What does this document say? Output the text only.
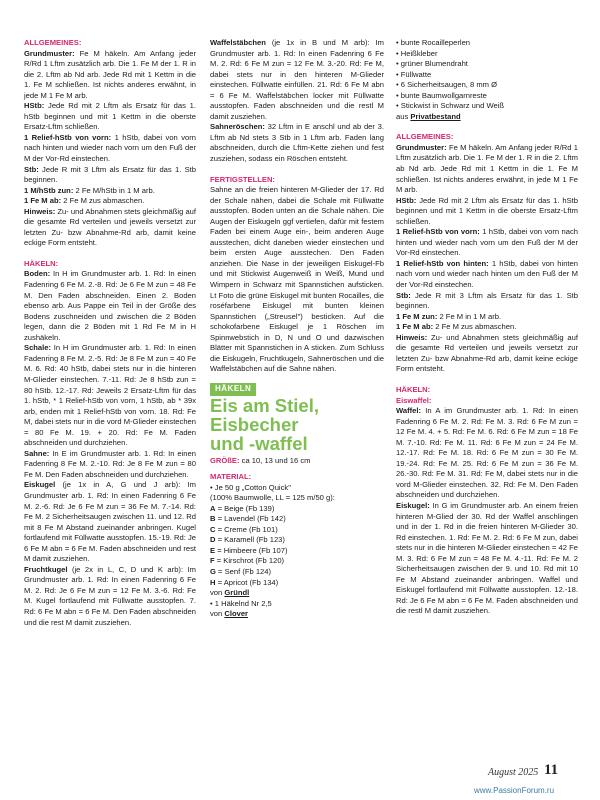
ALLGEMEINES:
Grundmuster: Fe M häkeln. Am Anfang jeder R/Rd 1 Lftm zusätzlich arb. Die 1. Fe M der 1. R in die 2. Lftm ab Nd arb. Jede Rd mit 1 Kettm in die 1. Fe M schließen. Ist nichts anderes erwähnt, in jede M 1 Fe M arb.
HStb: Jede Rd mit 2 Lftm als Ersatz für das 1. hStb beginnen und mit 1 Kettm in die oberste Ersatz-Lftm schließen.
1 Relief-hStb von vorn: 1 hStb, dabei von vorn nach hinten und wieder nach vorn um den Fuß der M der Vor-Rd einstechen.
Stb: Jede R mit 3 Lftm als Ersatz für das 1. Stb beginnen.
1 M/hStb zun: 2 Fe M/hStb in 1 M arb.
1 Fe M ab: 2 Fe M zus abmaschen.
Hinweis: Zu- und Abnahmen stets gleichmäßig auf die gesamte Rd verteilen und jeweils versetzt zur letzten Zu- bzw Abnahme-Rd arb, damit keine eckige Form entsteht.
HÄKELN:
Boden: In H im Grundmuster arb. 1. Rd: In einen Fadenring 6 Fe M. 2.-8. Rd: Je 6 Fe M zun = 48 Fe M. Den Faden abschneiden. Einen 2. Boden ebenso arb. Aus Pappe ein Teil in der Größe des Bodens zuschneiden und zwischen die 2 Böden legen, dann die 2 Böden mit 1 Rd Fe M in H zushäkeln.
Schale: In H im Grundmuster arb. 1. Rd: In einen Fadenring 8 Fe M. 2.-5. Rd: Je 8 Fe M zun = 40 Fe M. 6. Rd: 40 hStb, dabei stets nur in die hinteren M-Glieder einstechen. 7.-11. Rd: Je 8 hStb zun = 80 hStb. 12.-17. Rd: Jeweils 2 Ersatz-Lftm für das 1. hStb, * 1 Relief-hStb von vorn, 1 hStb, ab * 39x arb, enden mit 1 Relief-hStb von vorn. 18. Rd: Fe M, dabei stets nur in die vord M-Glieder einstechen = 80 Fe M. 19. + 20. Rd: Fe M. Faden abschneiden und durchziehen.
Sahne: In E im Grundmuster arb. 1. Rd: In einen Fadenring 8 Fe M. 2.-10. Rd: Je 8 Fe M zun = 80 Fe M. Den Faden abschneiden und durchziehen.
Eiskugel (je 1x in A, G und J arb): Im Grundmuster arb. 1. Rd: In einen Fadenring 6 Fe M. 2.-6. Rd: Je 6 Fe M zun = 36 Fe M. 7.-14. Rd: Fe M. 2 Sicherheitsaugen zwischen 11. und 12. Rd mit 8 Fe M Abstand zueinander anbringen. Kugel fortlaufend mit Füllwatte ausstopfen. 15.-19. Rd: Je 6 Fe M abn = 6 Fe M. Faden abschneiden und rest M damit zusziehen.
Fruchtkugel (je 2x in L, C, D und K arb): Im Grundmuster arb. 1. Rd: In einen Fadenring 6 Fe M. 2. Rd: Je 6 Fe M zun = 12 Fe M. 3.-6. Rd: Fe M. Kugel fortlaufend mit Füllwatte ausstopfen. 7. Rd: 6 Fe M abn = 6 Fe M. Den Faden abschneiden und die rest M damit zusziehen.
Waffelstäbchen (je 1x in B und M arb): Im Grundmuster arb. 1. Rd: In einen Fadenring 6 Fe M. 2. Rd: 6 Fe M zun = 12 Fe M. 3.-20. Rd: Fe M, dabei stets nur in den hinteren M-Glieder einstechen. Füllwatte einfüllen. 21. Rd: 6 Fe M abn = 6 Fe M. Waffelstäbchen locker mit Füllwatte ausstopfen. Faden abschneiden und die restl M damit zusziehen.
Sahneröschen: 32 Lftm in E anschl und ab der 3. Lftm ab Nd stets 3 Stb in 1 Lftm arb. Faden lang abschneiden, durch die Lftm-Kette ziehen und fest zusziehen, sodass ein Röschen entsteht.
FERTIGSTELLEN:
Sahne an die freien hinteren M-Glieder der 17. Rd der Schale nähen, dabei die Schale mit Füllwatte ausstopfen. Boden unten an die Schale nähen. Die Augen der Eiskugeln ggf vertiefen, dafür mit festem Faden bei einem Auge ein-, beim anderen Auge ausstechen, dicht daneben wieder einstechen und beim ersten Auge ausstechen. Den Faden anziehen. Die Nase in der jeweiligen Eiskugel-Fb und mit Stickwist Augenweiß in Weiß, Mund und Wimpern in Schwarz mit Spannstichen aufsticken. Lt Foto die grüne Eiskugel mit bunten Rocailles, die roséfarbene Eiskugel mit bunten kleinen Spannstichen („Streusel") besticken. Auf die schokofarbene Eiskugel je 1 Röschen im Spinnwebstich in D, N und O und dazwischen Blätter mit Spannstichen in A sticken. Zum Schluss die Eiskugeln, Fruchtkugeln, Sahneröschen und die Waffelstäbchen auf die Sahne nähen.
HÄKELN
Eis am Stiel, Eisbecher
und -waffel
GRÖßE: ca 10, 13 und 16 cm
MATERIAL:
• Je 50 g „Cotton Quick"
(100% Baumwolle, LL = 125 m/50 g):
A = Beige (Fb 139)
B = Lavendel (Fb 142)
C = Creme (Fb 101)
D = Karamell (Fb 123)
E = Himbeere (Fb 107)
F = Kirschrot (Fb 120)
G = Senf (Fb 124)
H = Apricot (Fb 134)
von Gründl
• 1 Häkelnd Nr 2,5
von Clover
• bunte Rocailleperlen
• Heißkleber
• grüner Blumendraht
• Füllwatte
• 6 Sicherheitsaugen, 8 mm Ø
• bunte Baumwollgarnreste
• Stickwist in Schwarz und Weiß
aus Privatbestand
ALLGEMEINES:
Grundmuster: Fe M häkeln. Am Anfang jeder R/Rd 1 Lftm zusätzlich arb. Die 1. Fe M der 1. R in die 2. Lftm ab Nd arb. Jede Rd mit 1 Kettm in die 1. Fe M schließen. Ist nichts anderes erwähnt, in jede M 1 Fe M arb.
HStb: Jede Rd mit 2 Lftm als Ersatz für das 1. hStb beginnen und mit 1 Kettm in die oberste Ersatz-Lftm schließen.
1 Relief-hStb von vorn: 1 hStb, dabei von vorn nach hinten und wieder nach vorn um den Fuß der M der Vor-Rd einstechen.
1 Relief-hStb von hinten: 1 hStb, dabei von hinten nach vorn und wieder nach hinten um den Fuß der M der Vor-Rd einstechen.
Stb: Jede R mit 3 Lftm als Ersatz für das 1. Stb beginnen.
1 Fe M zun: 2 Fe M in 1 M arb.
1 Fe M ab: 2 Fe M zus abmaschen.
Hinweis: Zu- und Abnahmen stets gleichmäßig auf die gesamte Rd verteilen und jeweils versetzt zur letzten Zu- bzw Abnahme-Rd arb, damit keine eckige Form entsteht.
HÄKELN:
Eiswaffel:
Waffel: In A im Grundmuster arb. 1. Rd: In einen Fadenring 6 Fe M. 2. Rd: Fe M. 3. Rd: 6 Fe M zun = 12 Fe M. 4. + 5. Rd: Fe M. 6. Rd: 6 Fe M zun = 18 Fe M. 7.-10. Rd: Fe M. 11. Rd: 6 Fe M zun = 24 Fe M. 12.-17. Rd: Fe M. 18. Rd: 6 Fe M zun = 30 Fe M. 19.-24. Rd: Fe M. 25. Rd: 6 Fe M zun = 36 Fe M. 26.-30. Rd: Fe M. 31. Rd: Fe M, dabei stets nur in die vord M-Glieder einstechen. 32. Rd: Fe M. Den Faden abschneiden und durchziehen.
Eiskugel: In G im Grundmuster arb. An einem freien hinteren M-Glied der 30. Rd der Waffel anschlingen und in der 1. Rd in die freien hinteren M-Glieder 30. Rd einstechen. 1. Rd: Fe M. 2. Rd: 6 Fe M zun, dabei stets nur in die hinteren M-Glieder einstechen = 42 Fe M. 3. Rd: 6 Fe M zun = 48 Fe M. 4.-11. Rd: Fe M. 2 Sicherheitsaugen zwischen der 9. und 10. Rd mit 10 Fe M Abstand zueinander anbringen. Waffel und Eiskugel fortlaufend mit Füllwatte ausstopfen. 12.-18. Rd: Je 6 Fe M abn = 6 Fe M. Faden abschneiden und die restl M damit zusziehen.
August 2025 11
www.PassionForum.ru
